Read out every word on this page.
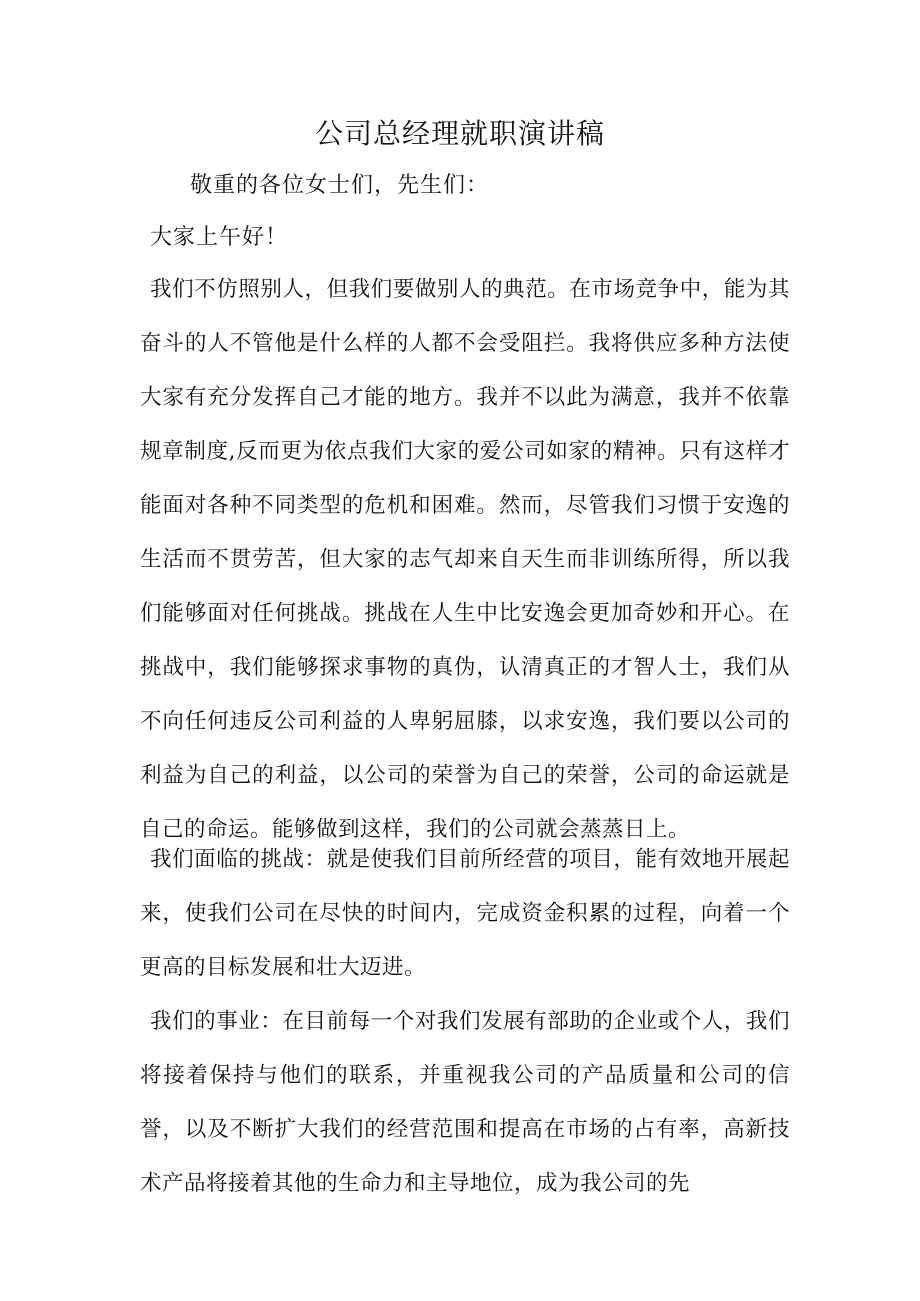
公司总经理就职演讲稿

敬重的各位女士们，先生们：

大家上午好！

我们不仿照别人，但我们要做别人的典范。在市场竞争中，能为其奋斗的人不管他是什么样的人都不会受阻拦。我将供应多种方法使大家有充分发挥自己才能的地方。我并不以此为满意，我并不依靠规章制度,反而更为依点我们大家的爱公司如家的精神。只有这样才能面对各种不同类型的危机和困难。然而，尽管我们习惯于安逸的生活而不贯劳苦，但大家的志气却来自天生而非训练所得，所以我们能够面对任何挑战。挑战在人生中比安逸会更加奇妙和开心。在挑战中，我们能够探求事物的真伪，认清真正的才智人士，我们从不向任何违反公司利益的人卑躬屈膝，以求安逸，我们要以公司的利益为自己的利益，以公司的荣誉为自己的荣誉，公司的命运就是自己的命运。能够做到这样，我们的公司就会蒸蒸日上。

我们面临的挑战：就是使我们目前所经营的项目，能有效地开展起来，使我们公司在尽快的时间内，完成资金积累的过程，向着一个更高的目标发展和壮大迈进。

我们的事业：在目前每一个对我们发展有部助的企业或个人，我们将接着保持与他们的联系，并重视我公司的产品质量和公司的信誉，以及不断扩大我们的经营范围和提高在市场的占有率，高新技术产品将接着其他的生命力和主导地位，成为我公司的先
